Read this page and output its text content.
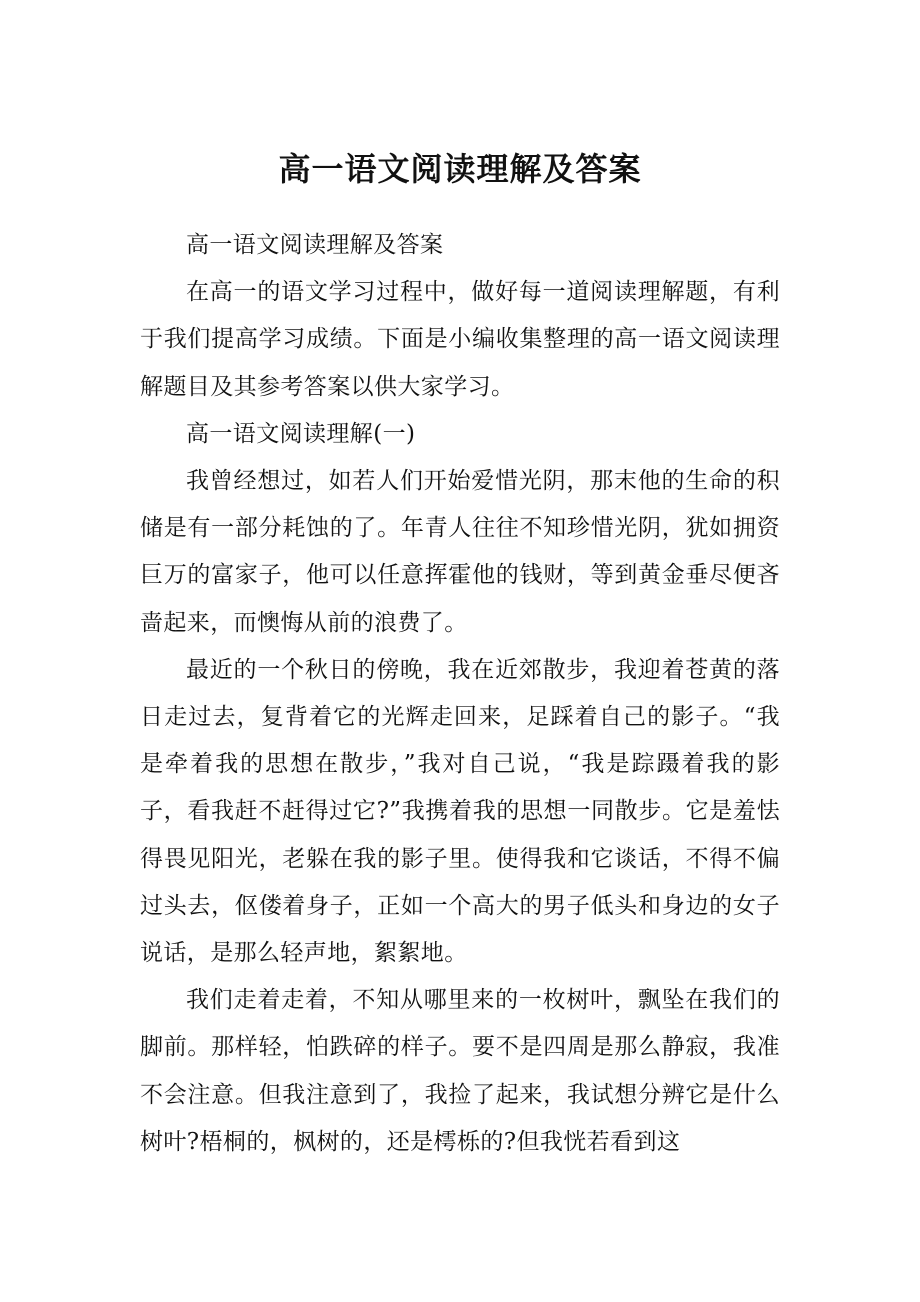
高一语文阅读理解及答案

高一语文阅读理解及答案

在高一的语文学习过程中，做好每一道阅读理解题，有利于我们提高学习成绩。下面是小编收集整理的高一语文阅读理解题目及其参考答案以供大家学习。

高一语文阅读理解(一)

我曾经想过，如若人们开始爱惜光阴，那末他的生命的积储是有一部分耗蚀的了。年青人往往不知珍惜光阴，犹如拥资巨万的富家子，他可以任意挥霍他的钱财，等到黄金垂尽便吝啬起来，而懊悔从前的浪费了。

最近的一个秋日的傍晚，我在近郊散步，我迎着苍黄的落日走过去，复背着它的光辉走回来，足踩着自己的影子。“我是牵着我的思想在散步，”我对自己说，“我是踪蹑着我的影子，看我赶不赶得过它?”我携着我的思想一同散步。它是羞怯得畏见阳光，老躲在我的影子里。使得我和它谈话，不得不偏过头去，伛偻着身子，正如一个高大的男子低头和身边的女子说话，是那么轻声地，絮絮地。

我们走着走着，不知从哪里来的一枚树叶，飘坠在我们的脚前。那样轻，怕跌碎的样子。要不是四周是那么静寂，我准不会注意。但我注意到了，我捡了起来，我试想分辨它是什么树叶?梧桐的，枫树的，还是樗栎的?但我恍若看到这
